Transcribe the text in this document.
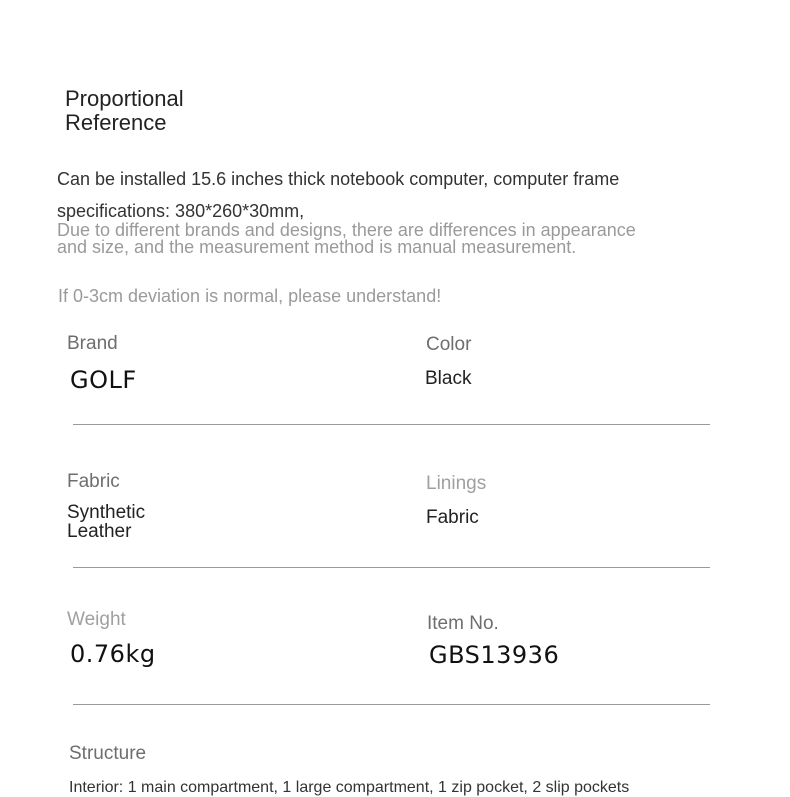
Proportional
Reference
Can be installed 15.6 inches thick notebook computer, computer frame specifications: 380*260*30mm,
Due to different brands and designs, there are differences in appearance and size, and the measurement method is manual measurement.
If 0-3cm deviation is normal, please understand!
Brand
GOLF
Color
Black
Fabric
Synthetic
Leather
Linings
Fabric
Weight
0.76kg
Item No.
GBS13936
Structure
Interior: 1 main compartment, 1 large compartment, 1 zip pocket, 2 slip pockets
